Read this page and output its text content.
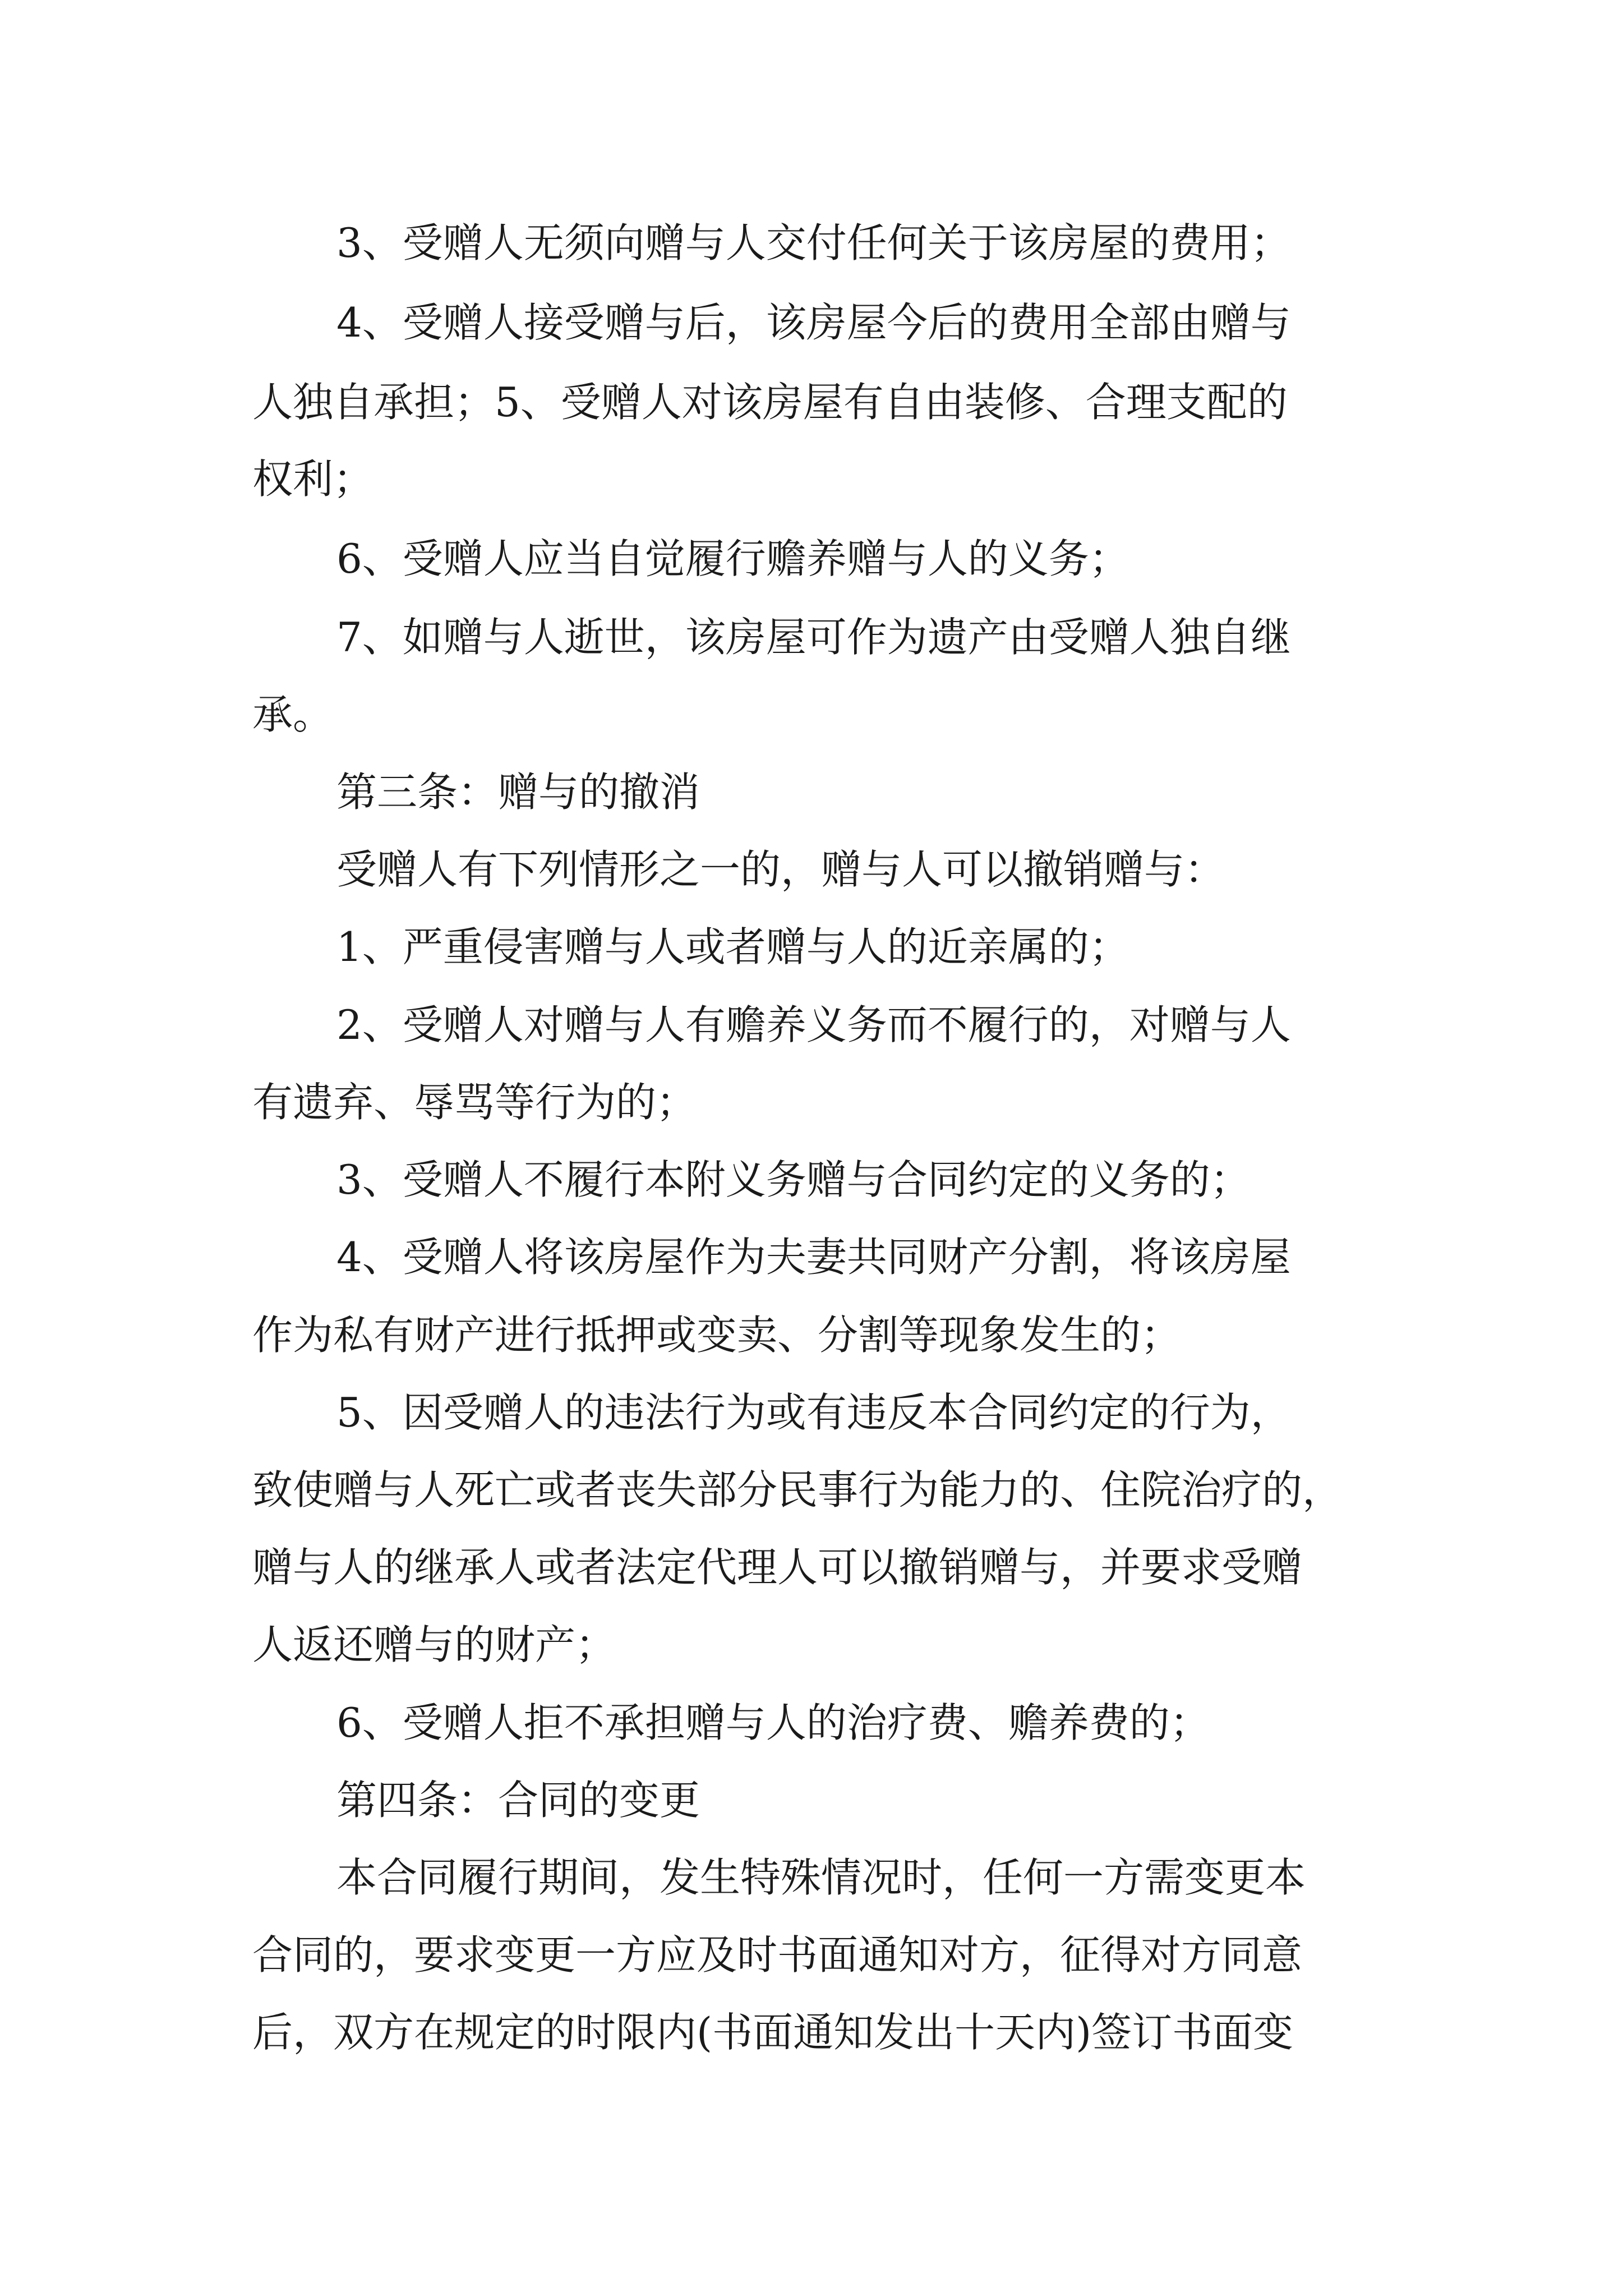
3、受赠人无须向赠与人交付任何关于该房屋的费用；

4、受赠人接受赠与后，该房屋今后的费用全部由赠与

人独自承担；5、受赠人对该房屋有自由装修、合理支配的

权利；

6、受赠人应当自觉履行赡养赠与人的义务；

7、如赠与人逝世，该房屋可作为遗产由受赠人独自继

承。

第三条：赠与的撤消

受赠人有下列情形之一的，赠与人可以撤销赠与：

1、严重侵害赠与人或者赠与人的近亲属的；

2、受赠人对赠与人有赡养义务而不履行的，对赠与人

有遗弃、辱骂等行为的；

3、受赠人不履行本附义务赠与合同约定的义务的；

4、受赠人将该房屋作为夫妻共同财产分割，将该房屋

作为私有财产进行抵押或变卖、分割等现象发生的；

5、因受赠人的违法行为或有违反本合同约定的行为，

致使赠与人死亡或者丧失部分民事行为能力的、住院治疗的，

赠与人的继承人或者法定代理人可以撤销赠与，并要求受赠

人返还赠与的财产；

6、受赠人拒不承担赠与人的治疗费、赡养费的；

第四条：合同的变更

本合同履行期间，发生特殊情况时，任何一方需变更本

合同的，要求变更一方应及时书面通知对方，征得对方同意

后，双方在规定的时限内(书面通知发出十天内)签订书面变
